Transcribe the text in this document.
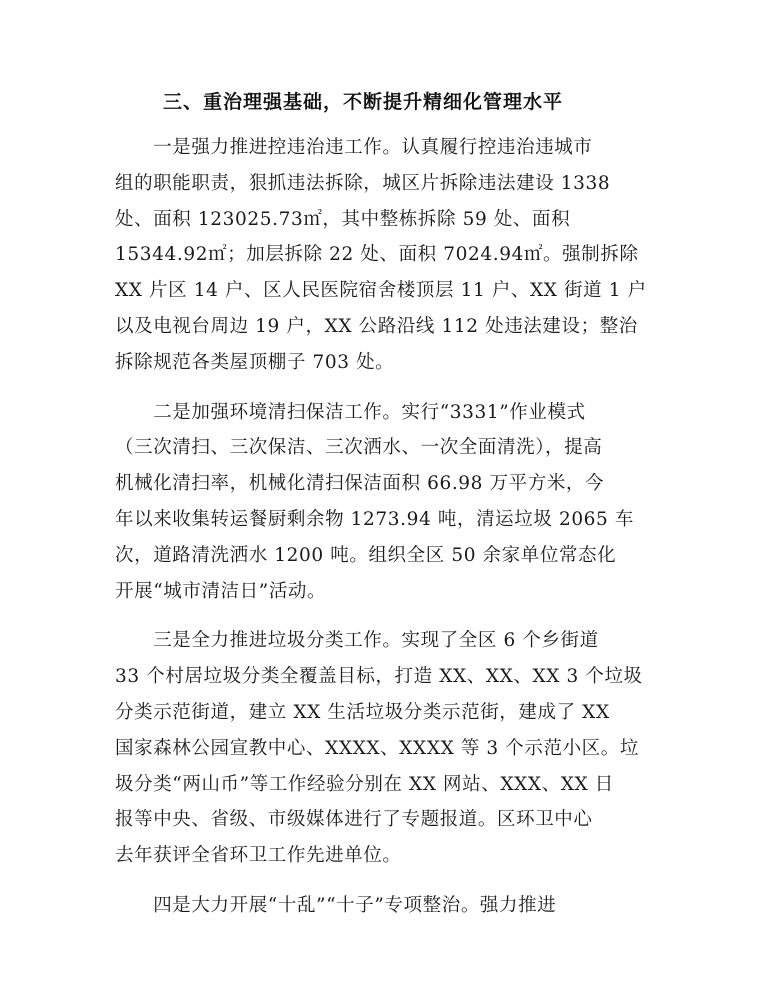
三、重治理强基础，不断提升精细化管理水平
　　一是强力推进控违治违工作。认真履行控违治违城市
组的职能职责，狠抓违法拆除，城区片拆除违法建设 1338
处、面积 123025.73㎡，其中整栋拆除 59 处、面积
15344.92㎡；加层拆除 22 处、面积 7024.94㎡。强制拆除
XX 片区 14 户、区人民医院宿舍楼顶层 11 户、XX 街道 1 户
以及电视台周边 19 户，XX 公路沿线 112 处违法建设；整治
拆除规范各类屋顶棚子 703 处。
　　二是加强环境清扫保洁工作。实行“3331”作业模式
（三次清扫、三次保洁、三次洒水、一次全面清洗），提高
机械化清扫率，机械化清扫保洁面积 66.98 万平方米，今
年以来收集转运餐厨剩余物 1273.94 吨，清运垃圾 2065 车
次，道路清洗洒水 1200 吨。组织全区 50 余家单位常态化
开展“城市清洁日”活动。
　　三是全力推进垃圾分类工作。实现了全区 6 个乡街道
33 个村居垃圾分类全覆盖目标，打造 XX、XX、XX 3 个垃圾
分类示范街道，建立 XX 生活垃圾分类示范街，建成了 XX
国家森林公园宣教中心、XXXX、XXXX 等 3 个示范小区。垃
圾分类“两山币”等工作经验分别在 XX 网站、XXX、XX 日
报等中央、省级、市级媒体进行了专题报道。区环卫中心
去年获评全省环卫工作先进单位。
　　四是大力开展“十乱”“十子”专项整治。强力推进
